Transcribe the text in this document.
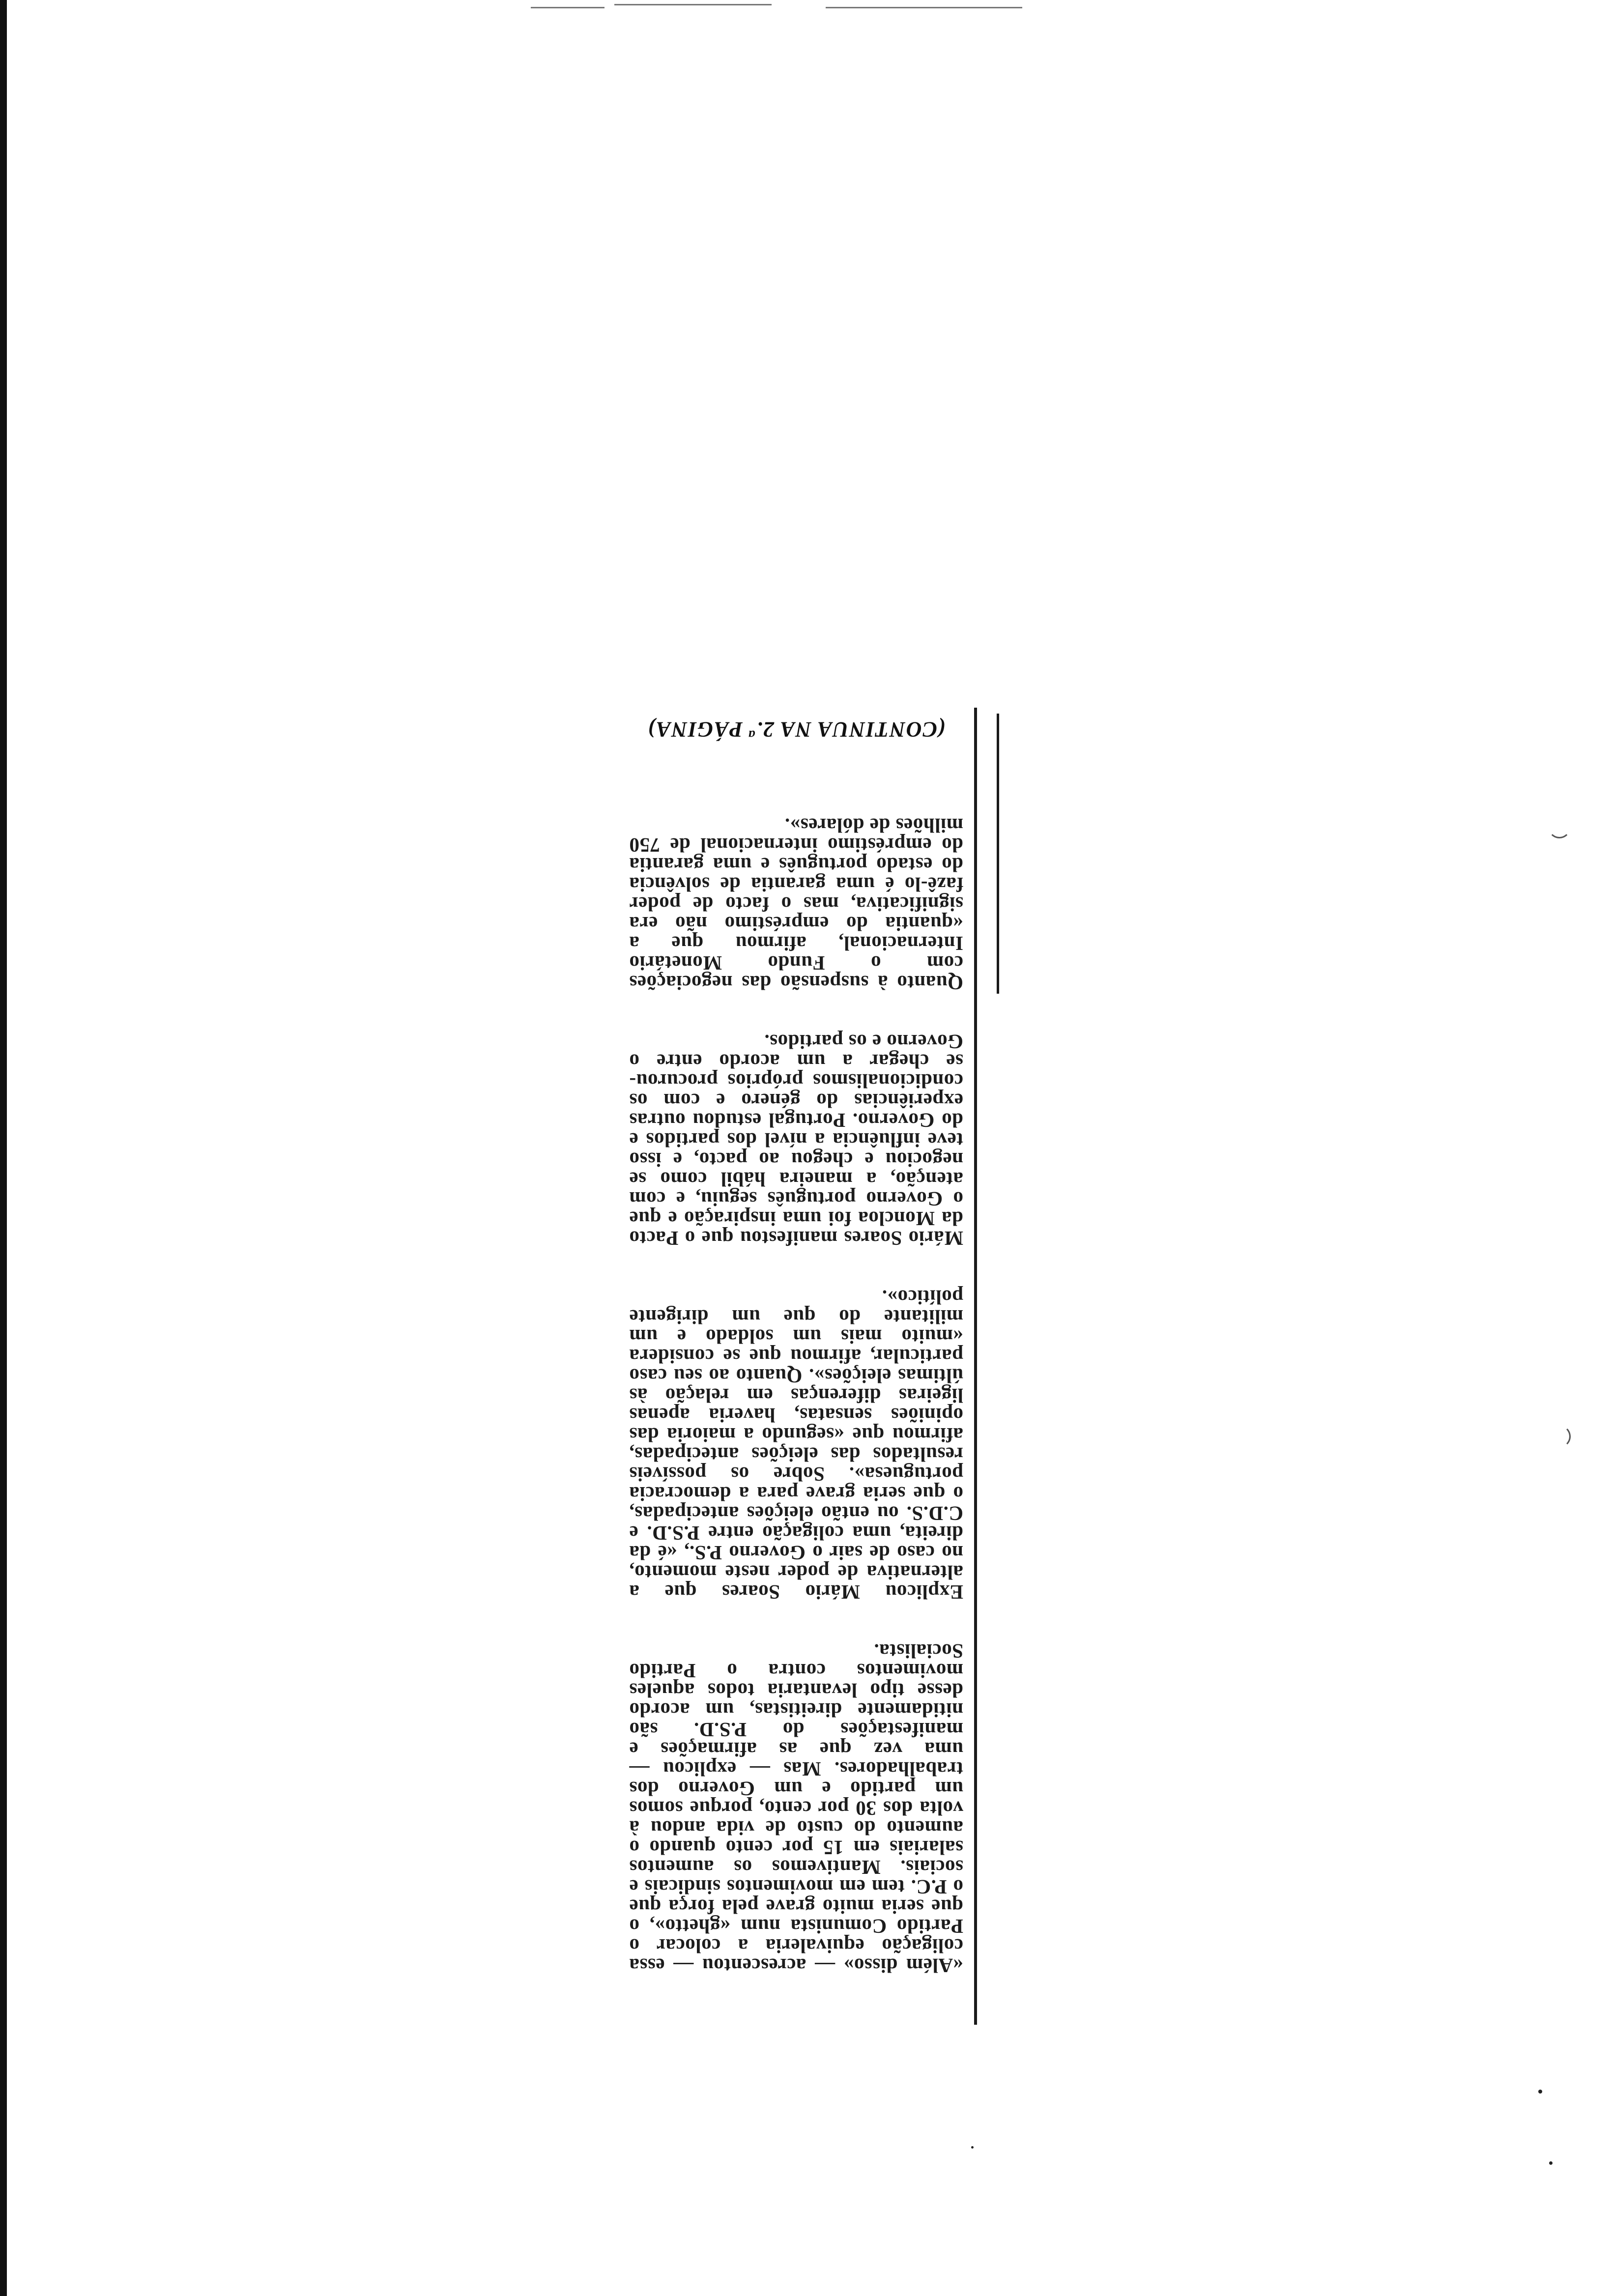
«Além disso» — acrescentou — essa coligação equivaleria a colocar o Partido Comunista num «ghetto», o que seria muito grave pela força que o P.C. tem em movimentos sindicais e sociais. Mantivemos os aumentos salariais em 15 por cento quando o aumento do custo de vida andou à volta dos 30 por cento, porque somos um partido e um Governo dos trabalhadores. Mas — explicou — uma vez que as afirmações e manifestações do P.S.D. são nitidamente direitistas, um acordo desse tipo levantaria todos aqueles movimentos contra o Partido Socialista.

Explicou Mário Soares que a alternativa de poder neste momento, no caso de sair o Governo P.S., «é da direita, uma coligação entre P.S.D. e C.D.S. ou então eleições antecipadas, o que seria grave para a democracia portuguesa». Sobre os possíveis resultados das eleições antecipadas, afirmou que «segundo a maioria das opiniões sensatas, haveria apenas ligeiras diferenças em relação às últimas eleições». Quanto ao seu caso particular, afirmou que se considera «muito mais um soldado e um militante do que um dirigente político».

Mário Soares manifestou que o Pacto da Moncloa foi uma inspiração e que o Governo português seguiu, e com atenção, a maneira hábil como se negociou e chegou ao pacto, e isso teve influência a nível dos partidos e do Governo. Portugal estudou outras experiências do género e com os condicionalismos próprios procurou-se chegar a um acordo entre o Governo e os partidos.

Quanto à suspensão das negociações com o Fundo Monetário Internacional, afirmou que a «quantia do empréstimo não era significativa, mas o facto de poder fazê-lo é uma garantia de solvência do estado português e uma garantia do empréstimo internacional de 750 milhões de dólares».

(CONTINUA NA 2.ª PÁGINA)
